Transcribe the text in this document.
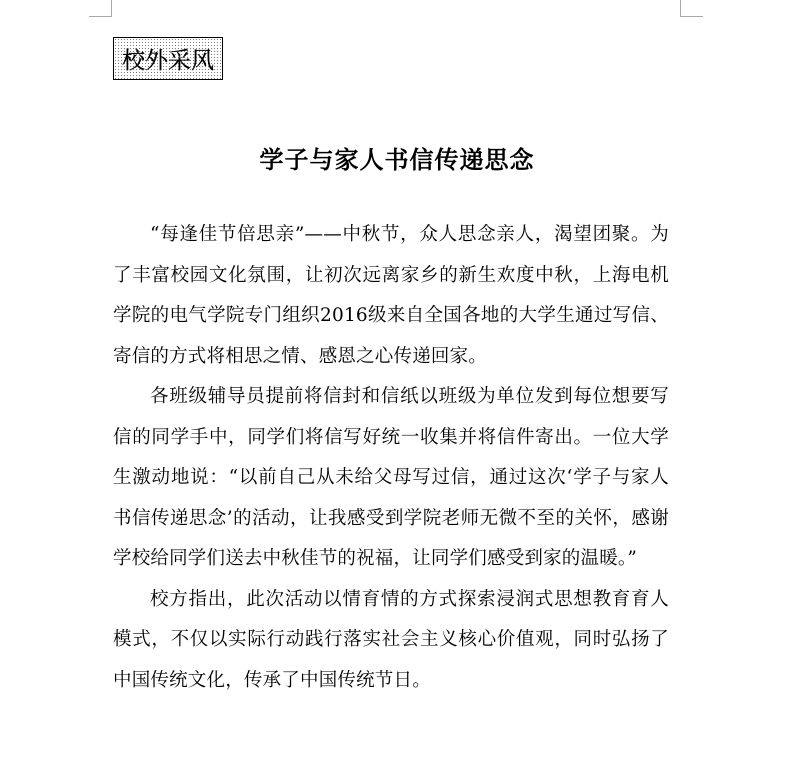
校外采风
学子与家人书信传递思念

“每逢佳节倍思亲”——中秋节，众人思念亲人，渴望团聚。为了丰富校园文化氛围，让初次远离家乡的新生欢度中秋，上海电机学院的电气学院专门组织2016级来自全国各地的大学生通过写信、寄信的方式将相思之情、感恩之心传递回家。

各班级辅导员提前将信封和信纸以班级为单位发到每位想要写信的同学手中，同学们将信写好统一收集并将信件寄出。一位大学生激动地说：“以前自己从未给父母写过信，通过这次‘学子与家人书信传递思念’的活动，让我感受到学院老师无微不至的关怀，感谢学校给同学们送去中秋佳节的祝福，让同学们感受到家的温暖。”

校方指出，此次活动以情育情的方式探索浸润式思想教育育人模式，不仅以实际行动践行落实社会主义核心价值观，同时弘扬了中国传统文化，传承了中国传统节日。
